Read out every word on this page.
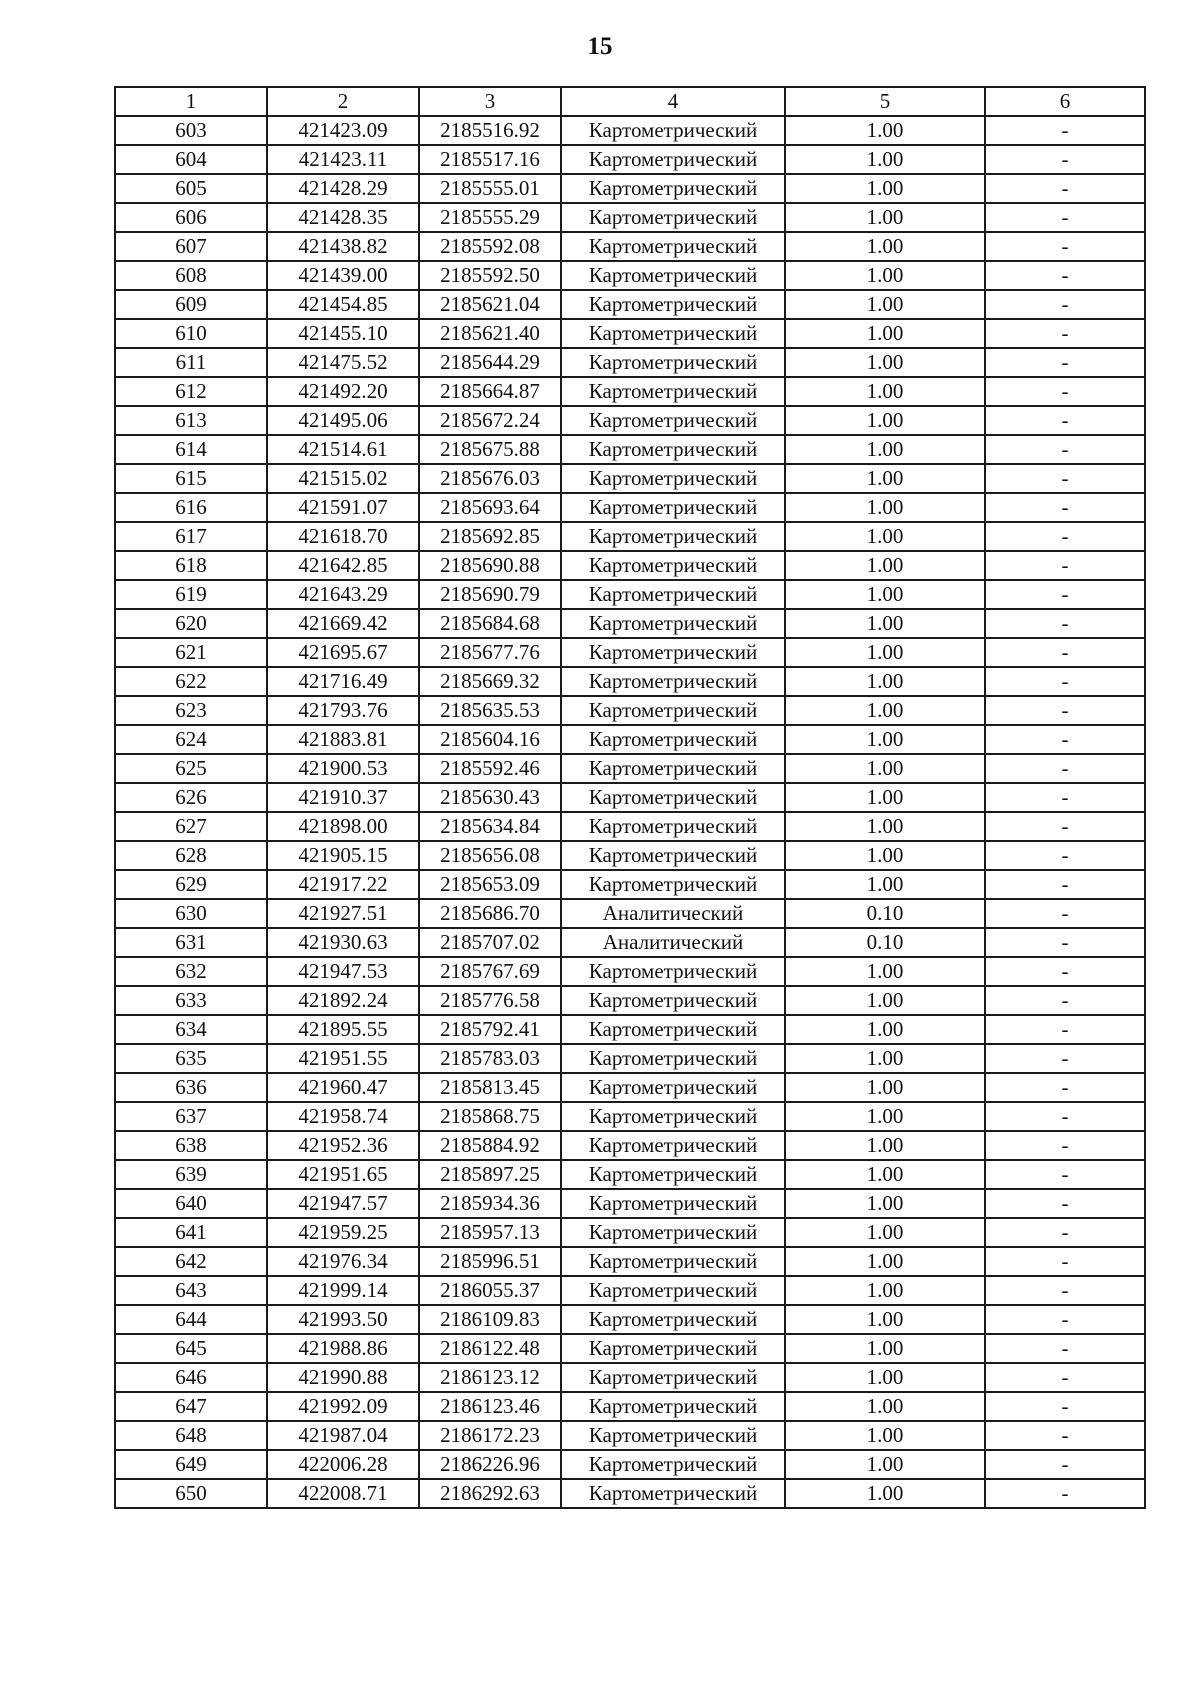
15
1	2	3	4	5	6
603	421423.09	2185516.92	Картометрический	1.00	-
604	421423.11	2185517.16	Картометрический	1.00	-
605	421428.29	2185555.01	Картометрический	1.00	-
606	421428.35	2185555.29	Картометрический	1.00	-
607	421438.82	2185592.08	Картометрический	1.00	-
608	421439.00	2185592.50	Картометрический	1.00	-
609	421454.85	2185621.04	Картометрический	1.00	-
610	421455.10	2185621.40	Картометрический	1.00	-
611	421475.52	2185644.29	Картометрический	1.00	-
612	421492.20	2185664.87	Картометрический	1.00	-
613	421495.06	2185672.24	Картометрический	1.00	-
614	421514.61	2185675.88	Картометрический	1.00	-
615	421515.02	2185676.03	Картометрический	1.00	-
616	421591.07	2185693.64	Картометрический	1.00	-
617	421618.70	2185692.85	Картометрический	1.00	-
618	421642.85	2185690.88	Картометрический	1.00	-
619	421643.29	2185690.79	Картометрический	1.00	-
620	421669.42	2185684.68	Картометрический	1.00	-
621	421695.67	2185677.76	Картометрический	1.00	-
622	421716.49	2185669.32	Картометрический	1.00	-
623	421793.76	2185635.53	Картометрический	1.00	-
624	421883.81	2185604.16	Картометрический	1.00	-
625	421900.53	2185592.46	Картометрический	1.00	-
626	421910.37	2185630.43	Картометрический	1.00	-
627	421898.00	2185634.84	Картометрический	1.00	-
628	421905.15	2185656.08	Картометрический	1.00	-
629	421917.22	2185653.09	Картометрический	1.00	-
630	421927.51	2185686.70	Аналитический	0.10	-
631	421930.63	2185707.02	Аналитический	0.10	-
632	421947.53	2185767.69	Картометрический	1.00	-
633	421892.24	2185776.58	Картометрический	1.00	-
634	421895.55	2185792.41	Картометрический	1.00	-
635	421951.55	2185783.03	Картометрический	1.00	-
636	421960.47	2185813.45	Картометрический	1.00	-
637	421958.74	2185868.75	Картометрический	1.00	-
638	421952.36	2185884.92	Картометрический	1.00	-
639	421951.65	2185897.25	Картометрический	1.00	-
640	421947.57	2185934.36	Картометрический	1.00	-
641	421959.25	2185957.13	Картометрический	1.00	-
642	421976.34	2185996.51	Картометрический	1.00	-
643	421999.14	2186055.37	Картометрический	1.00	-
644	421993.50	2186109.83	Картометрический	1.00	-
645	421988.86	2186122.48	Картометрический	1.00	-
646	421990.88	2186123.12	Картометрический	1.00	-
647	421992.09	2186123.46	Картометрический	1.00	-
648	421987.04	2186172.23	Картометрический	1.00	-
649	422006.28	2186226.96	Картометрический	1.00	-
650	422008.71	2186292.63	Картометрический	1.00	-
